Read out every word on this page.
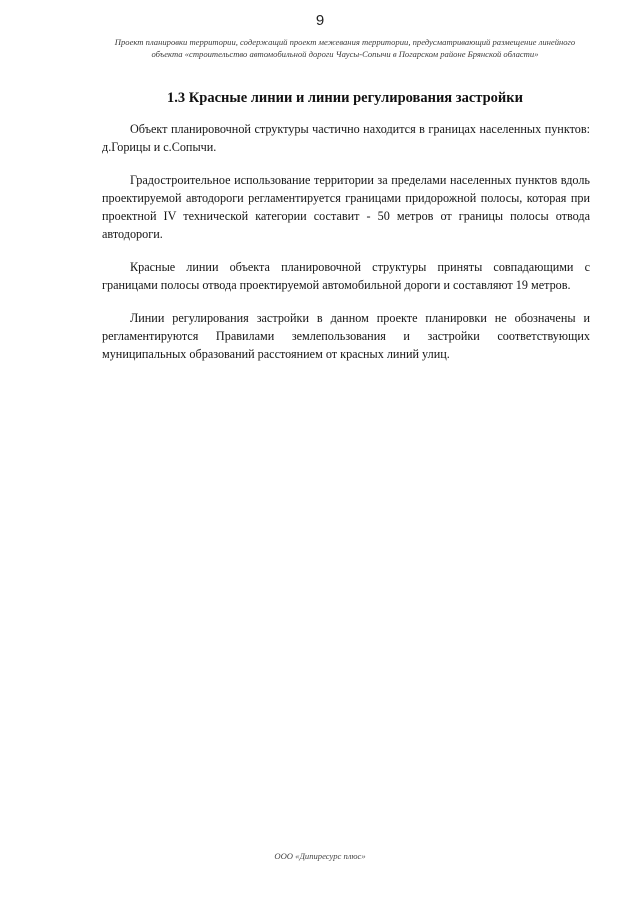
9
Проект планировки территории, содержащий проект межевания территории, предусматривающий размещение линейного объекта «строительство автомобильной дороги Чаусы-Сопычи в Погарском районе Брянской области»
1.3 Красные линии и линии регулирования застройки

Объект планировочной структуры частично находится в границах населенных пунктов: д.Горицы и с.Сопычи.

Градостроительное использование территории за пределами населенных пунктов вдоль проектируемой автодороги регламентируется границами придорожной полосы, которая при проектной IV технической категории составит - 50 метров от границы полосы отвода автодороги.

Красные линии объекта планировочной структуры приняты совпадающими с границами полосы отвода проектируемой автомобильной дороги и составляют 19 метров.

Линии регулирования застройки в данном проекте планировки не обозначены и регламентируются Правилами землепользования и застройки соответствующих муниципальных образований расстоянием от красных линий улиц.

ООО «Дипиресурс плюс»
